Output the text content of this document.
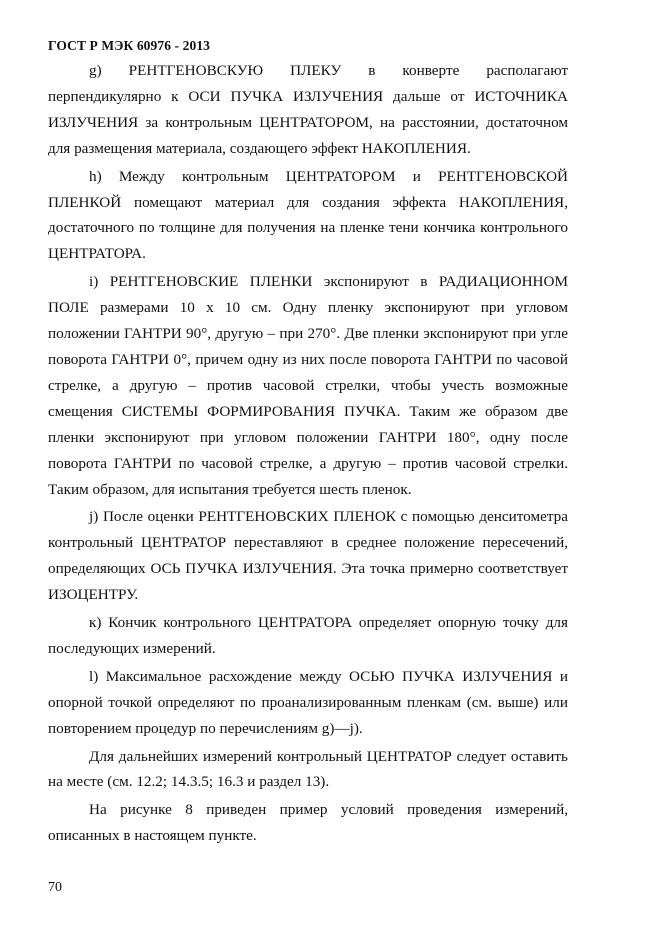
ГОСТ Р МЭК 60976 - 2013

g) РЕНТГЕНОВСКУЮ ПЛЕКУ в конверте располагают перпендикулярно к ОСИ ПУЧКА ИЗЛУЧЕНИЯ дальше от ИСТОЧНИКА ИЗЛУЧЕНИЯ за контрольным ЦЕНТРАТОРОМ, на расстоянии, достаточном для размещения материала, создающего эффект НАКОПЛЕНИЯ.

h) Между контрольным ЦЕНТРАТОРОМ и РЕНТГЕНОВСКОЙ ПЛЕНКОЙ помещают материал для создания эффекта НАКОПЛЕНИЯ, достаточного по толщине для получения на пленке тени кончика контрольного ЦЕНТРАТОРА.

i) РЕНТГЕНОВСКИЕ ПЛЕНКИ экспонируют в РАДИАЦИОННОМ ПОЛЕ размерами 10 х 10 см. Одну пленку экспонируют при угловом положении ГАНТРИ 90°, другую – при 270°. Две пленки экспонируют при угле поворота ГАНТРИ 0°, причем одну из них после поворота ГАНТРИ по часовой стрелке, а другую – против часовой стрелки, чтобы учесть возможные смещения СИСТЕМЫ ФОРМИРОВАНИЯ ПУЧКА. Таким же образом две пленки экспонируют при угловом положении ГАНТРИ 180°, одну после поворота ГАНТРИ по часовой стрелке, а другую – против часовой стрелки. Таким образом, для испытания требуется шесть пленок.

j) После оценки РЕНТГЕНОВСКИХ ПЛЕНОК с помощью денситометра контрольный ЦЕНТРАТОР переставляют в среднее положение пересечений, определяющих ОСЬ ПУЧКА ИЗЛУЧЕНИЯ. Эта точка примерно соответствует ИЗОЦЕНТРУ.

к) Кончик контрольного ЦЕНТРАТОРА определяет опорную точку для последующих измерений.

l) Максимальное расхождение между ОСЬЮ ПУЧКА ИЗЛУЧЕНИЯ и опорной точкой определяют по проанализированным пленкам (см. выше) или повторением процедур по перечислениям g)—j).

Для дальнейших измерений контрольный ЦЕНТРАТОР следует оставить на месте (см. 12.2; 14.3.5; 16.3 и раздел 13).

На рисунке 8 приведен пример условий проведения измерений, описанных в настоящем пункте.

70
